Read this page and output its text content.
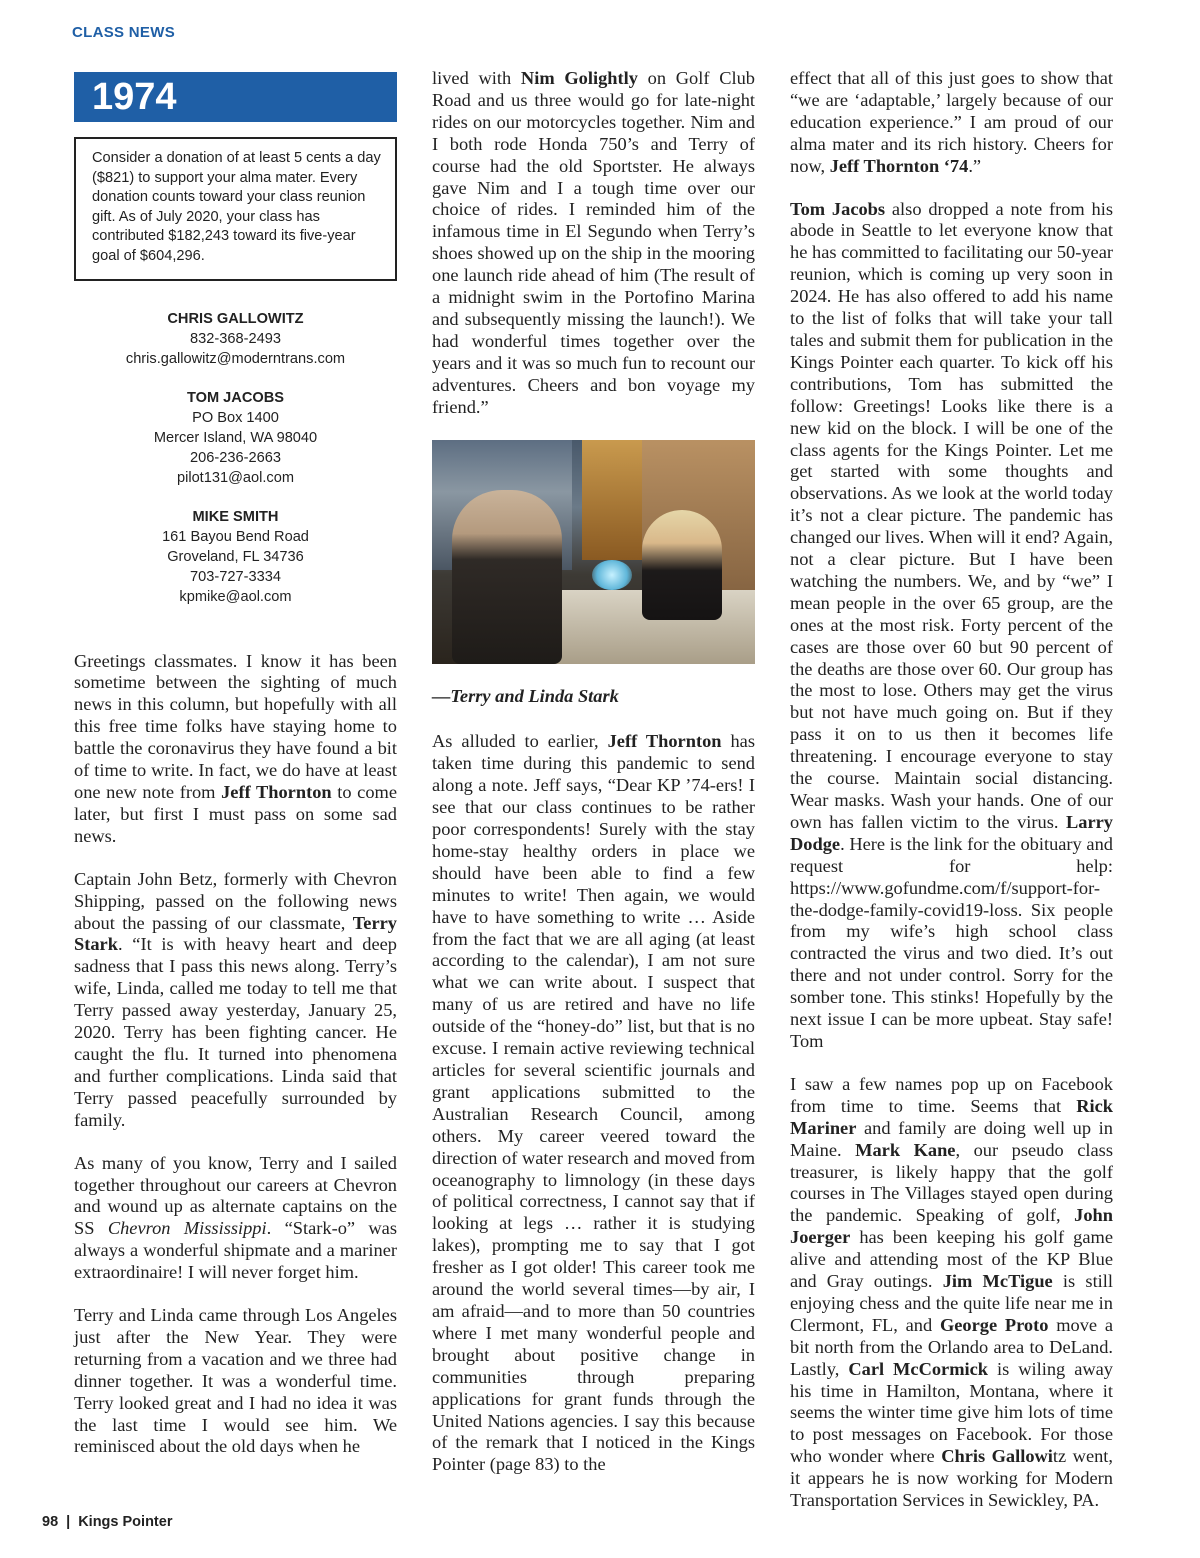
CLASS NEWS
1974
Consider a donation of at least 5 cents a day ($821) to support your alma mater. Every donation counts toward your class reunion gift. As of July 2020, your class has contributed $182,243 toward its five-year goal of $604,296.
CHRIS GALLOWITZ
832-368-2493
chris.gallowitz@moderntrans.com
TOM JACOBS
PO Box 1400
Mercer Island, WA 98040
206-236-2663
pilot131@aol.com
MIKE SMITH
161 Bayou Bend Road
Groveland, FL 34736
703-727-3334
kpmike@aol.com

Greetings classmates. I know it has been sometime between the sighting of much news in this column, but hopefully with all this free time folks have staying home to battle the coronavirus they have found a bit of time to write. In fact, we do have at least one new note from Jeff Thornton to come later, but first I must pass on some sad news.

Captain John Betz, formerly with Chevron Shipping, passed on the following news about the passing of our classmate, Terry Stark. “It is with heavy heart and deep sadness that I pass this news along. Terry’s wife, Linda, called me today to tell me that Terry passed away yesterday, January 25, 2020. Terry has been fighting cancer. He caught the flu. It turned into phenomena and further complications. Linda said that Terry passed peacefully surrounded by family.

As many of you know, Terry and I sailed together throughout our careers at Chevron and wound up as alternate captains on the SS Chevron Mississippi. “Stark-o” was always a wonderful shipmate and a mariner extraordinaire! I will never forget him.

Terry and Linda came through Los Angeles just after the New Year. They were returning from a vacation and we three had dinner together. It was a wonderful time. Terry looked great and I had no idea it was the last time I would see him. We reminisced about the old days when he

lived with Nim Golightly on Golf Club Road and us three would go for late-night rides on our motorcycles together. Nim and I both rode Honda 750’s and Terry of course had the old Sportster. He always gave Nim and I a tough time over our choice of rides. I reminded him of the infamous time in El Segundo when Terry’s shoes showed up on the ship in the mooring one launch ride ahead of him (The result of a midnight swim in the Portofino Marina and subsequently missing the launch!). We had wonderful times together over the years and it was so much fun to recount our adventures. Cheers and bon voyage my friend.”

—Terry and Linda Stark

As alluded to earlier, Jeff Thornton has taken time during this pandemic to send along a note. Jeff says, “Dear KP ’74-ers! I see that our class continues to be rather poor correspondents! Surely with the stay home-stay healthy orders in place we should have been able to find a few minutes to write! Then again, we would have to have something to write … Aside from the fact that we are all aging (at least according to the calendar), I am not sure what we can write about. I suspect that many of us are retired and have no life outside of the “honey-do” list, but that is no excuse. I remain active reviewing technical articles for several scientific journals and grant applications submitted to the Australian Research Council, among others. My career veered toward the direction of water research and moved from oceanography to limnology (in these days of political correctness, I cannot say that if looking at legs … rather it is studying lakes), prompting me to say that I got fresher as I got older! This career took me around the world several times—by air, I am afraid—and to more than 50 countries where I met many wonderful people and brought about positive change in communities through preparing applications for grant funds through the United Nations agencies. I say this because of the remark that I noticed in the Kings Pointer (page 83) to the

effect that all of this just goes to show that “we are ‘adaptable,’ largely because of our education experience.” I am proud of our alma mater and its rich history. Cheers for now, Jeff Thornton ‘74.”

Tom Jacobs also dropped a note from his abode in Seattle to let everyone know that he has committed to facilitating our 50-year reunion, which is coming up very soon in 2024. He has also offered to add his name to the list of folks that will take your tall tales and submit them for publication in the Kings Pointer each quarter. To kick off his contributions, Tom has submitted the follow: Greetings! Looks like there is a new kid on the block. I will be one of the class agents for the Kings Pointer. Let me get started with some thoughts and observations. As we look at the world today it’s not a clear picture. The pandemic has changed our lives. When will it end? Again, not a clear picture. But I have been watching the numbers. We, and by “we” I mean people in the over 65 group, are the ones at the most risk. Forty percent of the cases are those over 60 but 90 percent of the deaths are those over 60. Our group has the most to lose. Others may get the virus but not have much going on. But if they pass it on to us then it becomes life threatening. I encourage everyone to stay the course. Maintain social distancing. Wear masks. Wash your hands. One of our own has fallen victim to the virus. Larry Dodge. Here is the link for the obituary and request for help: https://www.gofundme.com/f/support-for-the-dodge-family-covid19-loss. Six people from my wife’s high school class contracted the virus and two died. It’s out there and not under control. Sorry for the somber tone. This stinks! Hopefully by the next issue I can be more upbeat. Stay safe! Tom

I saw a few names pop up on Facebook from time to time. Seems that Rick Mariner and family are doing well up in Maine. Mark Kane, our pseudo class treasurer, is likely happy that the golf courses in The Villages stayed open during the pandemic. Speaking of golf, John Joerger has been keeping his golf game alive and attending most of the KP Blue and Gray outings. Jim McTigue is still enjoying chess and the quite life near me in Clermont, FL, and George Proto move a bit north from the Orlando area to DeLand. Lastly, Carl McCormick is wiling away his time in Hamilton, Montana, where it seems the winter time give him lots of time to post messages on Facebook. For those who wonder where Chris Gallowitz went, it appears he is now working for Modern Transportation Services in Sewickley, PA.

98 | Kings Pointer
